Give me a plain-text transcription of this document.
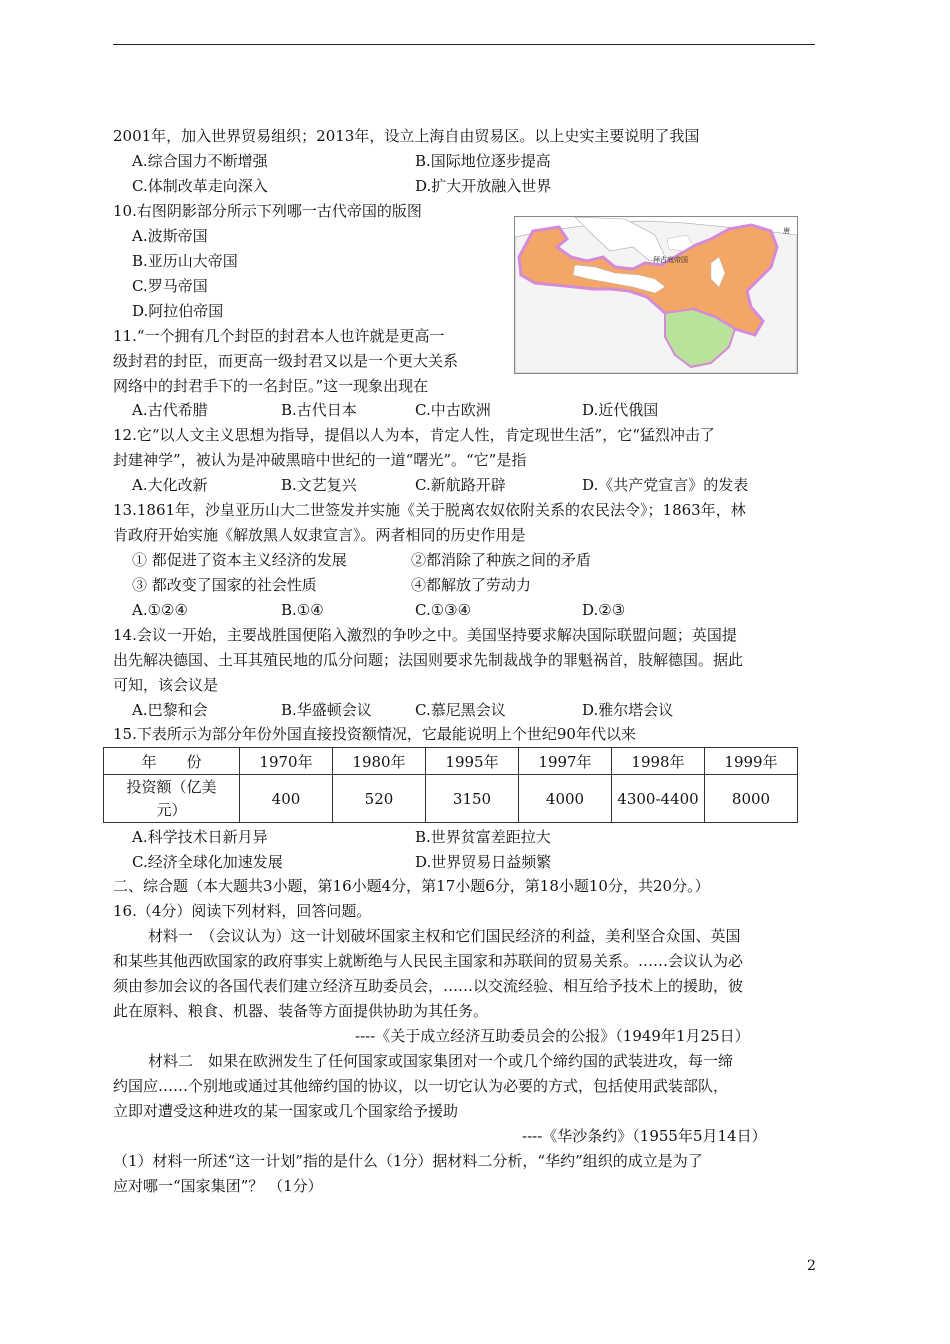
2001年，加入世界贸易组织；2013年，设立上海自由贸易区。以上史实主要说明了我国
A.综合国力不断增强	B.国际地位逐步提高
C.体制改革走向深入	D.扩大开放融入世界
10.右图阴影部分所示下列哪一古代帝国的版图
A.波斯帝国
B.亚历山大帝国
C.罗马帝国
D.阿拉伯帝国
拜占庭帝国
唐
11.“一个拥有几个封臣的封君本人也许就是更高一
级封君的封臣，而更高一级封君又以是一个更大关系
网络中的封君手下的一名封臣。”这一现象出现在
A.古代希腊	B.古代日本	C.中古欧洲	D.近代俄国
12.它“以人文主义思想为指导，提倡以人为本，肯定人性，肯定现世生活”，它“猛烈冲击了
封建神学”，被认为是冲破黑暗中世纪的一道“曙光”。“它”是指
A.大化改新	B.文艺复兴	C.新航路开辟	D.《共产党宣言》的发表
13.1861年，沙皇亚历山大二世签发并实施《关于脱离农奴依附关系的农民法令》；1863年，林
肯政府开始实施《解放黑人奴隶宣言》。两者相同的历史作用是
① 都促进了资本主义经济的发展	②都消除了种族之间的矛盾
③ 都改变了国家的社会性质	④都解放了劳动力
A.①②④	B.①④	C.①③④	D.②③
14.会议一开始，主要战胜国便陷入激烈的争吵之中。美国坚持要求解决国际联盟问题；英国提
出先解决德国、土耳其殖民地的瓜分问题；法国则要求先制裁战争的罪魁祸首，肢解德国。据此
可知，该会议是
A.巴黎和会	B.华盛顿会议	C.慕尼黑会议	D.雅尔塔会议
15.下表所示为部分年份外国直接投资额情况，它最能说明上个世纪90年代以来
年　　份	1970年	1980年	1995年	1997年	1998年	1999年

投资额（亿美
元）	400	520	3150	4000	4300-4400	8000
A.科学技术日新月异	B.世界贫富差距拉大
C.经济全球化加速发展	D.世界贸易日益频繁
二、综合题（本大题共3小题，第16小题4分，第17小题6分，第18小题10分，共20分。）
16.（4分）阅读下列材料，回答问题。
材料一　（会议认为）这一计划破坏国家主权和它们国民经济的利益，美利坚合众国、英国
和某些其他西欧国家的政府事实上就断绝与人民民主国家和苏联间的贸易关系。……会议认为必
须由参加会议的各国代表们建立经济互助委员会，……以交流经验、相互给予技术上的援助，彼
此在原料、粮食、机器、装备等方面提供协助为其任务。
----《关于成立经济互助委员会的公报》（1949年1月25日）
材料二　如果在欧洲发生了任何国家或国家集团对一个或几个缔约国的武装进攻，每一缔
约国应……个别地或通过其他缔约国的协议，以一切它认为必要的方式，包括使用武装部队，
立即对遭受这种进攻的某一国家或几个国家给予援助
----《华沙条约》（1955年5月14日）
（1）材料一所述“这一计划”指的是什么（1分）据材料二分析，“华约”组织的成立是为了
应对哪一“国家集团”？ （1分）
2
